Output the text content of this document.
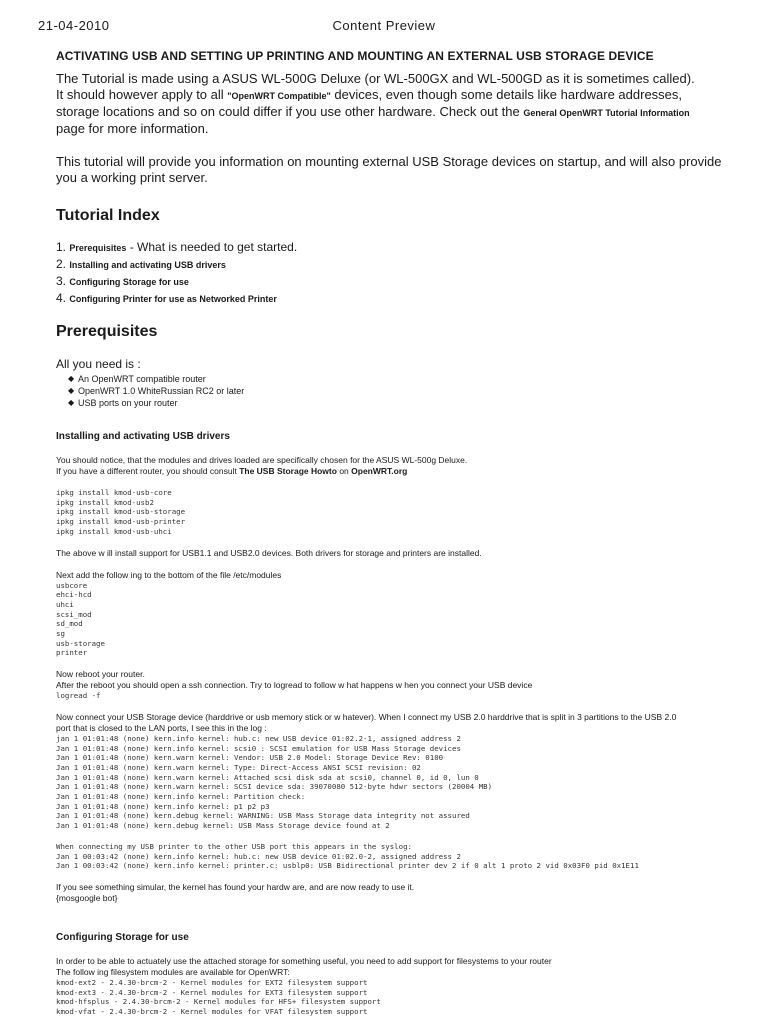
Content Preview
21-04-2010
ACTIVATING USB AND SETTING UP PRINTING AND MOUNTING AN EXTERNAL USB STORAGE DEVICE

The Tutorial is made using a ASUS WL-500G Deluxe (or WL-500GX and WL-500GD as it is sometimes called).

It should however apply to all "OpenWRT Compatible" devices, even though some details like hardware addresses,

storage locations and so on could differ if you use other hardware. Check out the General OpenWRT Tutorial Information

page for more information.

This tutorial will provide you information on mounting external USB Storage devices on startup, and will also provide you a working print server.

Tutorial Index
1. Prerequisites - What is needed to get started.
2. Installing and activating USB drivers
3. Configuring Storage for use
4. Configuring Printer for use as Networked Printer
Prerequisites
All you need is :
◆ An OpenWRT compatible router
◆ OpenWRT 1.0 WhiteRussian RC2 or later
◆ USB ports on your router
Installing and activating USB drivers

You should notice, that the modules and drives loaded are specifically chosen for the ASUS WL-500g Deluxe.

If you have a different router, you should consult The USB Storage Howto on OpenWRT.org

ipkg install kmod-usb-core
ipkg install kmod-usb2
ipkg install kmod-usb-storage
ipkg install kmod-usb-printer
ipkg install kmod-usb-uhci

The above w ill install support for USB1.1 and USB2.0 devices. Both drivers for storage and printers are installed.

Next add the follow ing to the bottom of the file /etc/modules

usbcore
ehci-hcd
uhci
scsi_mod
sd_mod
sg
usb-storage
printer

Now reboot your router.

After the reboot you should open a ssh connection. Try to logread to follow w hat happens w hen you connect your USB device

logread -f

Now connect your USB Storage device (harddrive or usb memory stick or w hatever). When I connect my USB 2.0 harddrive that is split in 3 partitions to the USB 2.0

port that is closed to the LAN ports, I see this in the log :

jan 1 01:01:48 (none) kern.info kernel: hub.c: new USB device 01:02.2-1, assigned address 2
Jan 1 01:01:48 (none) kern.info kernel: scsi0 : SCSI emulation for USB Mass Storage devices
Jan 1 01:01:48 (none) kern.warn kernel: Vendor: USB 2.0 Model: Storage Device Rev: 0100
Jan 1 01:01:48 (none) kern.warn kernel: Type: Direct-Access ANSI SCSI revision: 02
Jan 1 01:01:48 (none) kern.warn kernel: Attached scsi disk sda at scsi0, channel 0, id 0, lun 0
Jan 1 01:01:48 (none) kern.warn kernel: SCSI device sda: 39070080 512-byte hdwr sectors (20004 MB)
Jan 1 01:01:48 (none) kern.info kernel: Partition check:
Jan 1 01:01:48 (none) kern.info kernel: p1 p2 p3
Jan 1 01:01:48 (none) kern.debug kernel: WARNING: USB Mass Storage data integrity not assured
Jan 1 01:01:48 (none) kern.debug kernel: USB Mass Storage device found at 2
When connecting my USB printer to the other USB port this appears in the syslog:
Jan 1 00:03:42 (none) kern.info kernel: hub.c: new USB device 01:02.0-2, assigned address 2
Jan 1 00:03:42 (none) kern.info kernel: printer.c: usblp0: USB Bidirectional printer dev 2 if 0 alt 1 proto 2 vid 0x03F0 pid 0x1E11

If you see something simular, the kernel has found your hardw are, and are now ready to use it.

{mosgoogle bot}

Configuring Storage for use

In order to be able to actuately use the attached storage for something useful, you need to add support for filesystems to your router

The follow ing filesystem modules are available for OpenWRT:

kmod-ext2 - 2.4.30-brcm-2 - Kernel modules for EXT2 filesystem support
kmod-ext3 - 2.4.30-brcm-2 - Kernel modules for EXT3 filesystem support
kmod-hfsplus - 2.4.30-brcm-2 - Kernel modules for HFS+ filesystem support
kmod-vfat - 2.4.30-brcm-2 - Kernel modules for VFAT filesystem support
